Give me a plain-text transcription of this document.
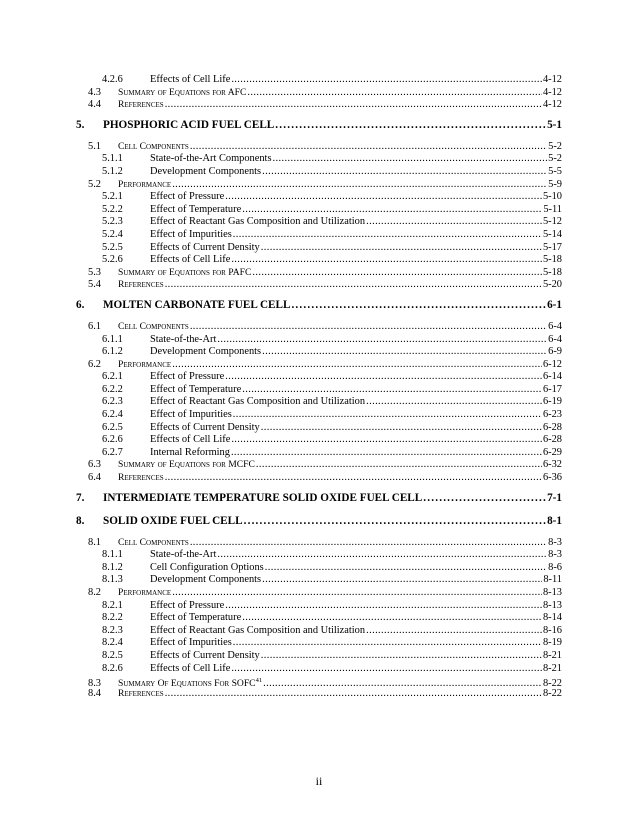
4.2.6	Effects of Cell Life . . .	4-12
4.3	Summary of Equations for AFC . . .	4-12
4.4	References . . .	4-12
5.	PHOSPHORIC ACID FUEL CELL . . .	5-1
5.1	Cell Components . . .	5-2
5.1.1	State-of-the-Art Components . . .	5-2
5.1.2	Development Components . . .	5-5
5.2	Performance . . .	5-9
5.2.1	Effect of Pressure . . .	5-10
5.2.2	Effect of Temperature . . .	5-11
5.2.3	Effect of Reactant Gas Composition and Utilization . . .	5-12
5.2.4	Effect of Impurities . . .	5-14
5.2.5	Effects of Current Density . . .	5-17
5.2.6	Effects of Cell Life . . .	5-18
5.3	Summary of Equations for PAFC . . .	5-18
5.4	References . . .	5-20
6.	MOLTEN CARBONATE FUEL CELL . . .	6-1
6.1	Cell Components . . .	6-4
6.1.1	State-of-the-Art . . .	6-4
6.1.2	Development Components . . .	6-9
6.2	Performance . . .	6-12
6.2.1	Effect of Pressure . . .	6-14
6.2.2	Effect of Temperature . . .	6-17
6.2.3	Effect of Reactant Gas Composition and Utilization . . .	6-19
6.2.4	Effect of Impurities . . .	6-23
6.2.5	Effects of Current Density . . .	6-28
6.2.6	Effects of Cell Life . . .	6-28
6.2.7	Internal Reforming . . .	6-29
6.3	Summary of Equations for MCFC . . .	6-32
6.4	References . . .	6-36
7.	INTERMEDIATE TEMPERATURE SOLID OXIDE FUEL CELL . . .	7-1
8.	SOLID OXIDE FUEL CELL . . .	8-1
8.1	Cell Components . . .	8-3
8.1.1	State-of-the-Art . . .	8-3
8.1.2	Cell Configuration Options . . .	8-6
8.1.3	Development Components . . .	8-11
8.2	Performance . . .	8-13
8.2.1	Effect of Pressure . . .	8-13
8.2.2	Effect of Temperature . . .	8-14
8.2.3	Effect of Reactant Gas Composition and Utilization . . .	8-16
8.2.4	Effect of Impurities . . .	8-19
8.2.5	Effects of Current Density . . .	8-21
8.2.6	Effects of Cell Life . . .	8-21
8.3	Summary Of Equations For SOFC$^{41}$ . . .	8-22
8.4	References . . .	8-22
ii
